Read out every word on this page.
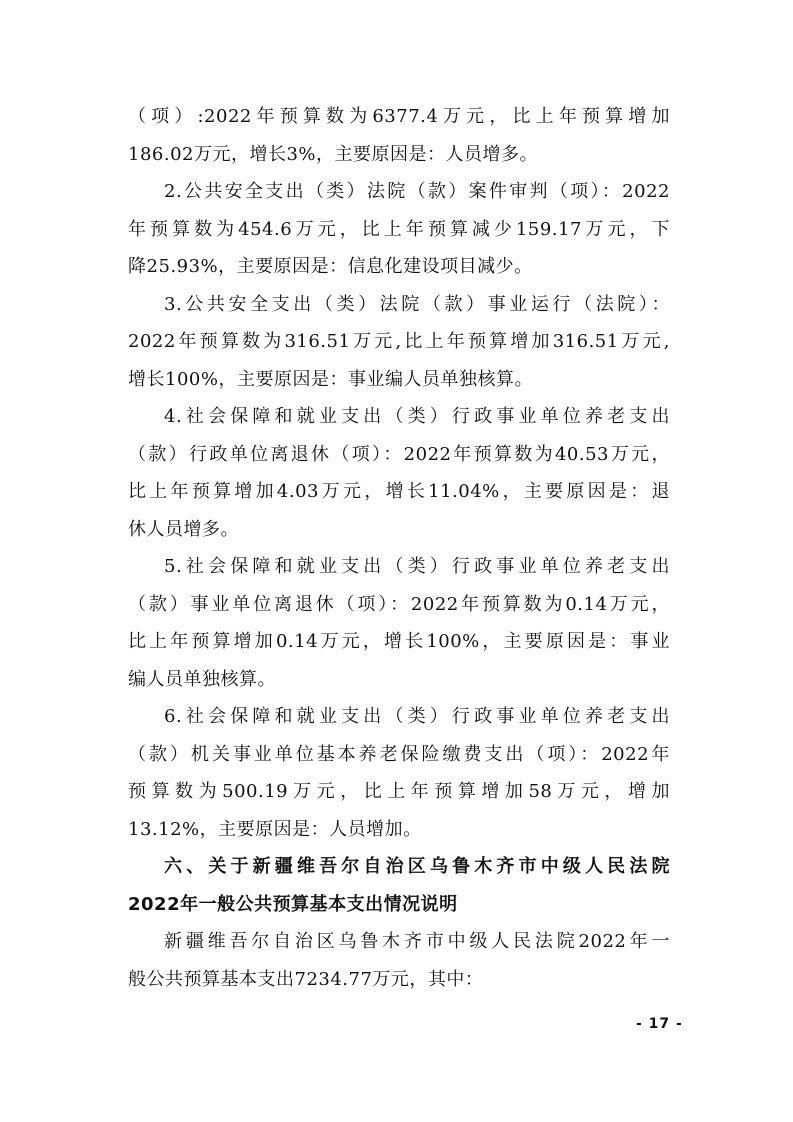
（项）:2022年预算数为6377.4万元，比上年预算增加
186.02万元，增长3%，主要原因是：人员增多。
2.公共安全支出（类）法院（款）案件审判（项）：2022
年预算数为454.6万元，比上年预算减少159.17万元，下
降25.93%，主要原因是：信息化建设项目减少。
3.公共安全支出（类）法院（款）事业运行（法院）：
2022年预算数为316.51万元,比上年预算增加316.51万元,
增长100%，主要原因是：事业编人员单独核算。
4.社会保障和就业支出（类）行政事业单位养老支出
（款）行政单位离退休（项）：2022年预算数为40.53万元，
比上年预算增加4.03万元，增长11.04%，主要原因是：退
休人员增多。
5.社会保障和就业支出（类）行政事业单位养老支出
（款）事业单位离退休（项）：2022年预算数为0.14万元，
比上年预算增加0.14万元，增长100%，主要原因是：事业
编人员单独核算。
6.社会保障和就业支出（类）行政事业单位养老支出
（款）机关事业单位基本养老保险缴费支出（项）：2022年
预算数为500.19万元，比上年预算增加58万元，增加
13.12%，主要原因是：人员增加。
六、关于新疆维吾尔自治区乌鲁木齐市中级人民法院
2022年一般公共预算基本支出情况说明
新疆维吾尔自治区乌鲁木齐市中级人民法院2022年一
般公共预算基本支出7234.77万元，其中：
- 17 -
